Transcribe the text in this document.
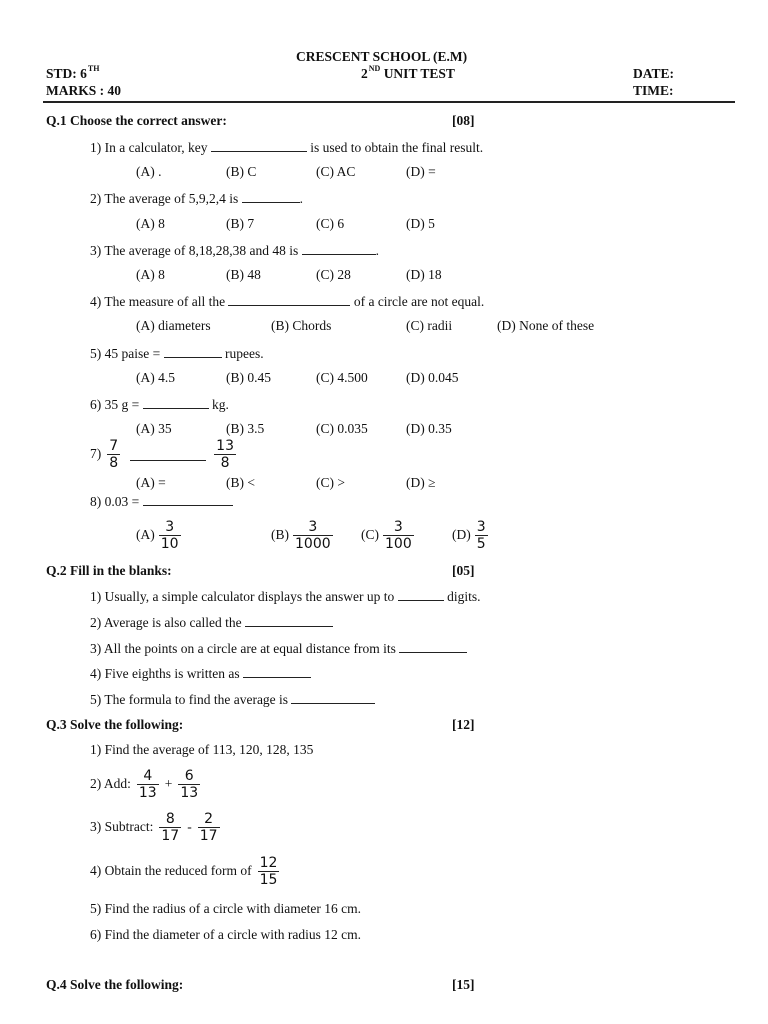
CRESCENT SCHOOL (E.M)
STD: 6TH	2ND UNIT TEST	DATE:
MARKS : 40	TIME:
Q.1 Choose the correct answer:	[08]
1) In a calculator, key	is used to obtain the final result.
(A) .	(B) C	(C) AC	(D) =
2) The average of 5,9,2,4 is	.
(A) 8	(B) 7	(C) 6	(D) 5
3) The average of 8,18,28,38 and 48 is	.
(A) 8	(B) 48	(C) 28	(D) 18
4) The measure of all the	of a circle are not equal.
(A) diameters	(B) Chords	(C) radii	(D) None of these
5) 45 paise =	rupees.
(A) 4.5	(B) 0.45	(C) 4.500	(D) 0.045
6) 35 g =	kg.
(A) 35	(B) 3.5	(C) 0.035	(D) 0.35
$7) \frac{7}{8}$	$\frac{13}{8}$
(A) =	(B) <	(C) >	(D) ≥
8) 0.03 =
$(A) \frac{3}{10}$	$(B) \frac{3}{1000} (C) \frac{3}{100}$	$(D) \frac{3}{5}$
Q.2 Fill in the blanks:	[05]
1) Usually, a simple calculator displays the answer up to	digits.
2) Average is also called the
3) All the points on a circle are at equal distance from its
4) Five eighths is written as
5) The formula to find the average is
Q.3 Solve the following:	[12]
1) Find the average of 113, 120, 128, 135
2) Add: $\frac{4}{13} + \frac{6}{13}$
3) Subtract: $\frac{8}{17} - \frac{2}{17}$
4) Obtain the reduced form of $\frac{12}{15}$
5) Find the radius of a circle with diameter 16 cm.
6) Find the diameter of a circle with radius 12 cm.
Q.4 Solve the following:	[15]
